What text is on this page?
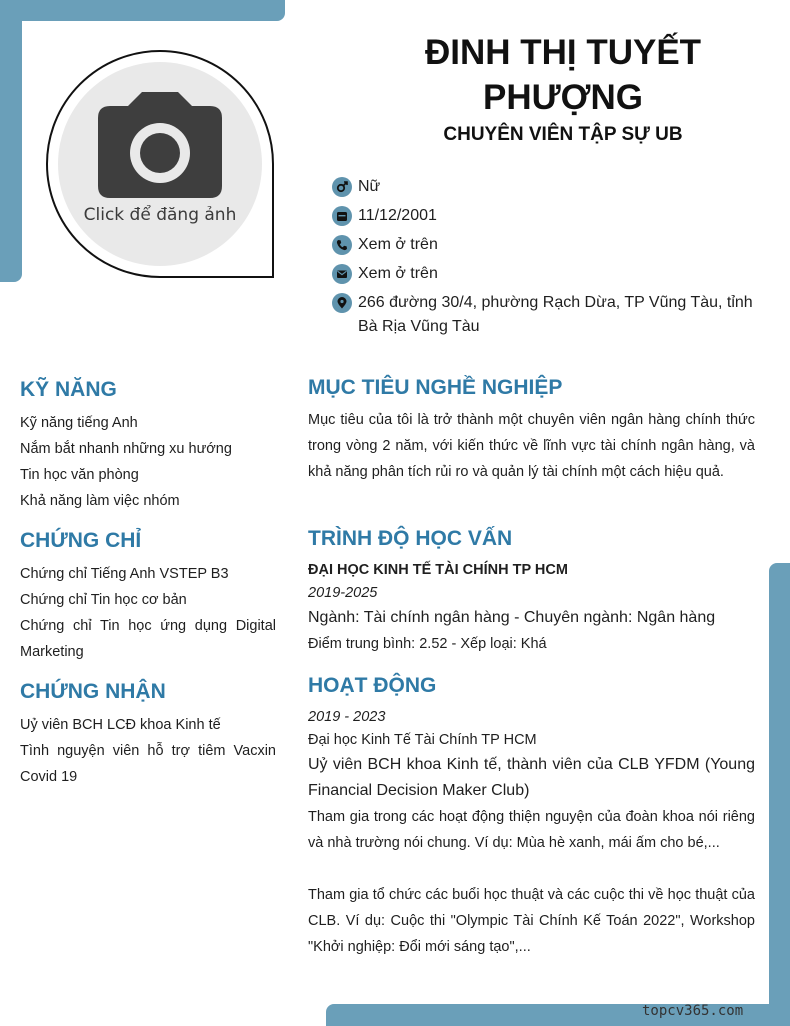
Click để đăng ảnh
ĐINH THỊ TUYẾT PHƯỢNG
CHUYÊN VIÊN TẬP SỰ UB
Nữ
11/12/2001
Xem ở trên
Xem ở trên
266 đường 30/4, phường Rạch Dừa, TP Vũng Tàu, tỉnh Bà Rịa Vũng Tàu
KỸ NĂNG
Kỹ năng tiếng Anh
Nắm bắt nhanh những xu hướng
Tin học văn phòng
Khả năng làm việc nhóm
CHỨNG CHỈ
Chứng chỉ Tiếng Anh VSTEP B3
Chứng chỉ Tin học cơ bản
Chứng chỉ Tin học ứng dụng Digital Marketing
CHỨNG NHẬN
Uỷ viên BCH LCĐ khoa Kinh tế
Tình nguyện viên hỗ trợ tiêm Vacxin Covid 19
MỤC TIÊU NGHỀ NGHIỆP
Mục tiêu của tôi là trở thành một chuyên viên ngân hàng chính thức trong vòng 2 năm, với kiến thức về lĩnh vực tài chính ngân hàng, và khả năng phân tích rủi ro và quản lý tài chính một cách hiệu quả.
TRÌNH ĐỘ HỌC VẤN
ĐẠI HỌC KINH TẾ TÀI CHÍNH TP HCM
2019-2025
Ngành: Tài chính ngân hàng - Chuyên ngành: Ngân hàng
Điểm trung bình: 2.52 - Xếp loại: Khá
HOẠT ĐỘNG
2019 - 2023
Đại học Kinh Tế Tài Chính TP HCM
Uỷ viên BCH khoa Kinh tế, thành viên của CLB YFDM (Young Financial Decision Maker Club)
Tham gia trong các hoạt động thiện nguyện của đoàn khoa nói riêng và nhà trường nói chung. Ví dụ: Mùa hè xanh, mái ấm cho bé,...
Tham gia tổ chức các buổi học thuật và các cuộc thi về học thuật của CLB. Ví dụ: Cuộc thi "Olympic Tài Chính Kế Toán 2022", Workshop "Khởi nghiệp: Đổi mới sáng tạo",...
topcv365.com
